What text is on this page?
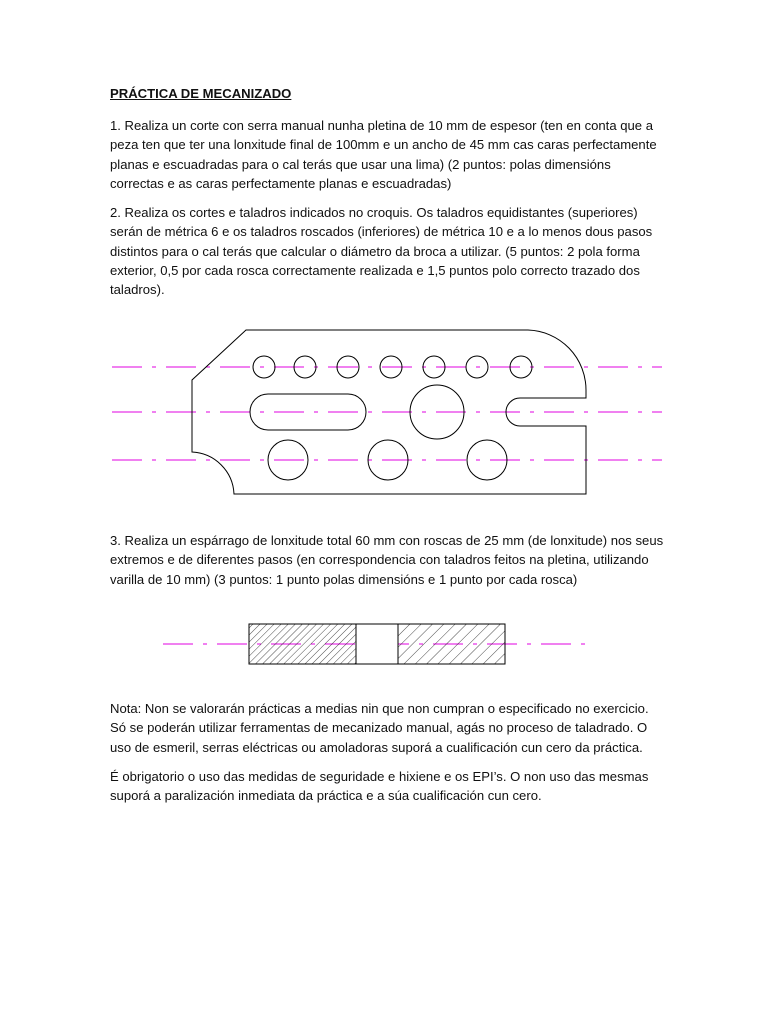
PRÁCTICA DE MECANIZADO

1. Realiza un corte con serra manual nunha pletina de 10 mm de espesor (ten en conta que a peza ten que ter una lonxitude final de 100mm e un ancho de 45 mm cas caras perfectamente planas e escuadradas para o cal terás que usar una lima) (2 puntos: polas dimensións correctas e as caras perfectamente planas e escuadradas)

2. Realiza os cortes e taladros indicados no croquis. Os taladros equidistantes (superiores) serán de métrica 6 e os taladros roscados (inferiores) de métrica 10 e a lo menos dous pasos distintos para o cal terás que calcular o diámetro da broca a utilizar. (5 puntos: 2 pola forma exterior, 0,5 por cada rosca correctamente realizada e 1,5 puntos polo correcto trazado dos taladros).

3. Realiza un espárrago de lonxitude total 60 mm con roscas de 25 mm (de lonxitude) nos seus extremos e de diferentes pasos (en correspondencia con taladros feitos na pletina, utilizando varilla de 10 mm) (3 puntos: 1 punto polas dimensións e 1 punto por cada rosca)

Nota: Non se valorarán prácticas a medias nin que non cumpran o especificado no exercicio. Só se poderán utilizar ferramentas de mecanizado manual, agás no proceso de taladrado. O uso de esmeril, serras eléctricas ou amoladoras suporá a cualificación cun cero da práctica.

É obrigatorio o uso das medidas de seguridade e hixiene e os EPI’s. O non uso das mesmas suporá a paralización inmediata da práctica e a súa cualificación cun cero.
